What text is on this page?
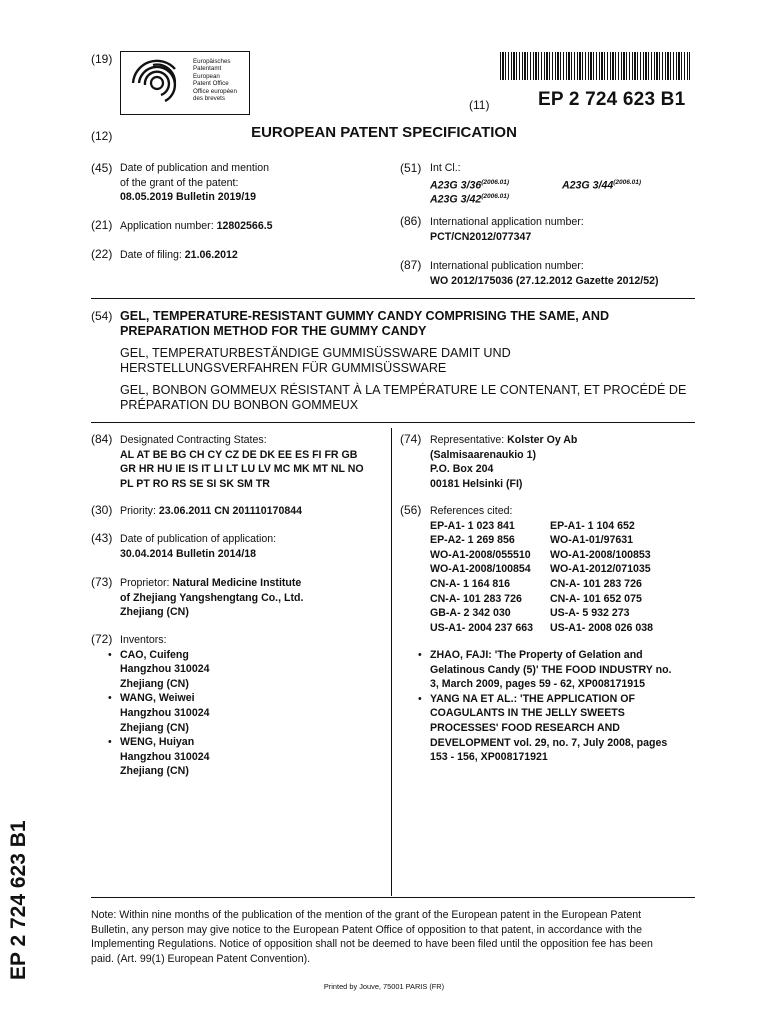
(19)	Europäisches
Patentamt
European
Patent Office
Office européen
des brevets	(11)	EP 2 724 623 B1
(12)	EUROPEAN PATENT SPECIFICATION
(45) Date of publication and mention
of the grant of the patent:
08.05.2019 Bulletin 2019/19
(21) Application number: 12802566.5
(22) Date of filing: 21.06.2012
(51) Int Cl.:
A23G $3/36^{(2006.01)}$	A23G $3/44^{(2006.01)}$
A23G $3/42^{(2006.01)}$
(86) International application number:
PCT/CN2012/077347
(87) International publication number:
WO 2012/175036 (27.12.2012 Gazette 2012/52)
(54) GEL, TEMPERATURE-RESISTANT GUMMY CANDY COMPRISING THE SAME, AND
PREPARATION METHOD FOR THE GUMMY CANDY
GEL, TEMPERATURBESTÄNDIGE GUMMISÜSSWARE DAMIT UND
HERSTELLUNGSVERFAHREN FÜR GUMMISÜSSWARE
GEL, BONBON GOMMEUX RÉSISTANT À LA TEMPÉRATURE LE CONTENANT, ET PROCÉDÉ DE
PRÉPARATION DU BONBON GOMMEUX
(84) Designated Contracting States:
AL AT BE BG CH CY CZ DE DK EE ES FI FR GB
GR HR HU IE IS IT LI LT LU LV MC MK MT NL NO
PL PT RO RS SE SI SK SM TR
(30) Priority: 23.06.2011 CN 201110170844
(43) Date of publication of application:
30.04.2014 Bulletin 2014/18
(73) Proprietor: Natural Medicine Institute
of Zhejiang Yangshengtang Co., Ltd.
Zhejiang (CN)
(72) Inventors:
• CAO, Cuifeng
Hangzhou 310024
Zhejiang (CN)
• WANG, Weiwei
Hangzhou 310024
Zhejiang (CN)
• WENG, Huiyan
Hangzhou 310024
Zhejiang (CN)
(74) Representative: Kolster Oy Ab
(Salmisaarenaukio 1)
P.O. Box 204
00181 Helsinki (FI)
(56) References cited:
EP-A1- 1 023 841	EP-A1- 1 104 652
EP-A2- 1 269 856	WO-A1-01/97631
WO-A1-2008/055510	WO-A1-2008/100853
WO-A1-2008/100854	WO-A1-2012/071035
CN-A- 1 164 816	CN-A- 101 283 726
CN-A- 101 283 726	CN-A- 101 652 075
GB-A- 2 342 030	US-A- 5 932 273
US-A1- 2004 237 663	US-A1- 2008 026 038
• ZHAO, FAJI: 'The Property of Gelation and
Gelatinous Candy (5)' THE FOOD INDUSTRY no.
3, March 2009, pages 59 - 62, XP008171915
• YANG NA ET AL.: 'THE APPLICATION OF
COAGULANTS IN THE JELLY SWEETS
PROCESSES' FOOD RESEARCH AND
DEVELOPMENT vol. 29, no. 7, July 2008, pages
153 - 156, XP008171921
Note: Within nine months of the publication of the mention of the grant of the European patent in the European Patent
Bulletin, any person may give notice to the European Patent Office of opposition to that patent, in accordance with the
Implementing Regulations. Notice of opposition shall not be deemed to have been filed until the opposition fee has been
paid. (Art. 99(1) European Patent Convention).
Printed by Jouve, 75001 PARIS (FR)
EP 2 724 623 B1
